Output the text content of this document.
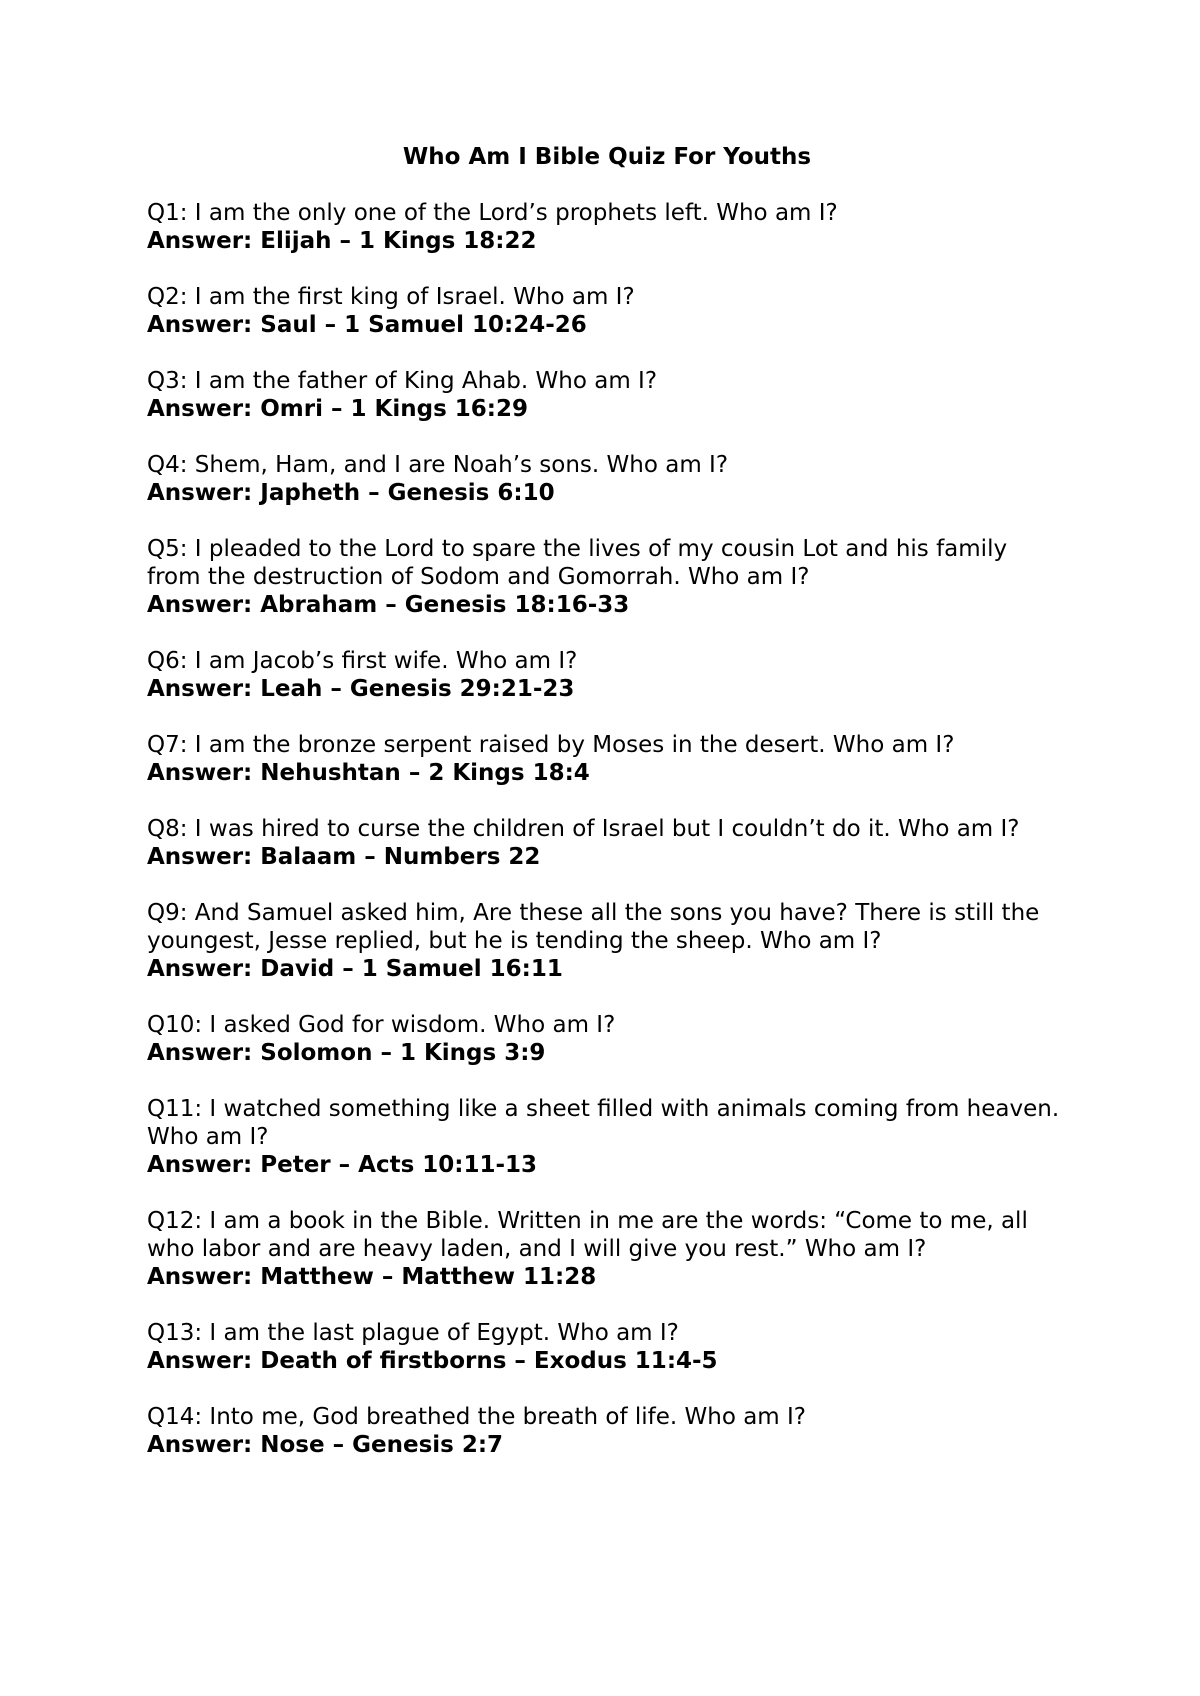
Who Am I Bible Quiz For Youths

Q1: I am the only one of the Lord’s prophets left. Who am I?

Answer: Elijah – 1 Kings 18:22

Q2: I am the first king of Israel. Who am I?

Answer: Saul – 1 Samuel 10:24-26

Q3: I am the father of King Ahab. Who am I?

Answer: Omri – 1 Kings 16:29

Q4: Shem, Ham, and I are Noah’s sons. Who am I?

Answer: Japheth – Genesis 6:10

Q5: I pleaded to the Lord to spare the lives of my cousin Lot and his family from the destruction of Sodom and Gomorrah. Who am I?

Answer: Abraham – Genesis 18:16-33

Q6: I am Jacob’s first wife. Who am I?

Answer: Leah – Genesis 29:21-23

Q7: I am the bronze serpent raised by Moses in the desert. Who am I?

Answer: Nehushtan – 2 Kings 18:4

Q8: I was hired to curse the children of Israel but I couldn’t do it. Who am I?

Answer: Balaam – Numbers 22

Q9: And Samuel asked him, Are these all the sons you have? There is still the youngest, Jesse replied, but he is tending the sheep. Who am I?

Answer: David – 1 Samuel 16:11

Q10: I asked God for wisdom. Who am I?

Answer: Solomon – 1 Kings 3:9

Q11: I watched something like a sheet filled with animals coming from heaven. Who am I?

Answer: Peter – Acts 10:11-13

Q12: I am a book in the Bible. Written in me are the words: “Come to me, all who labor and are heavy laden, and I will give you rest.” Who am I?

Answer: Matthew – Matthew 11:28

Q13: I am the last plague of Egypt. Who am I?

Answer: Death of firstborns – Exodus 11:4-5

Q14: Into me, God breathed the breath of life. Who am I?

Answer: Nose – Genesis 2:7
